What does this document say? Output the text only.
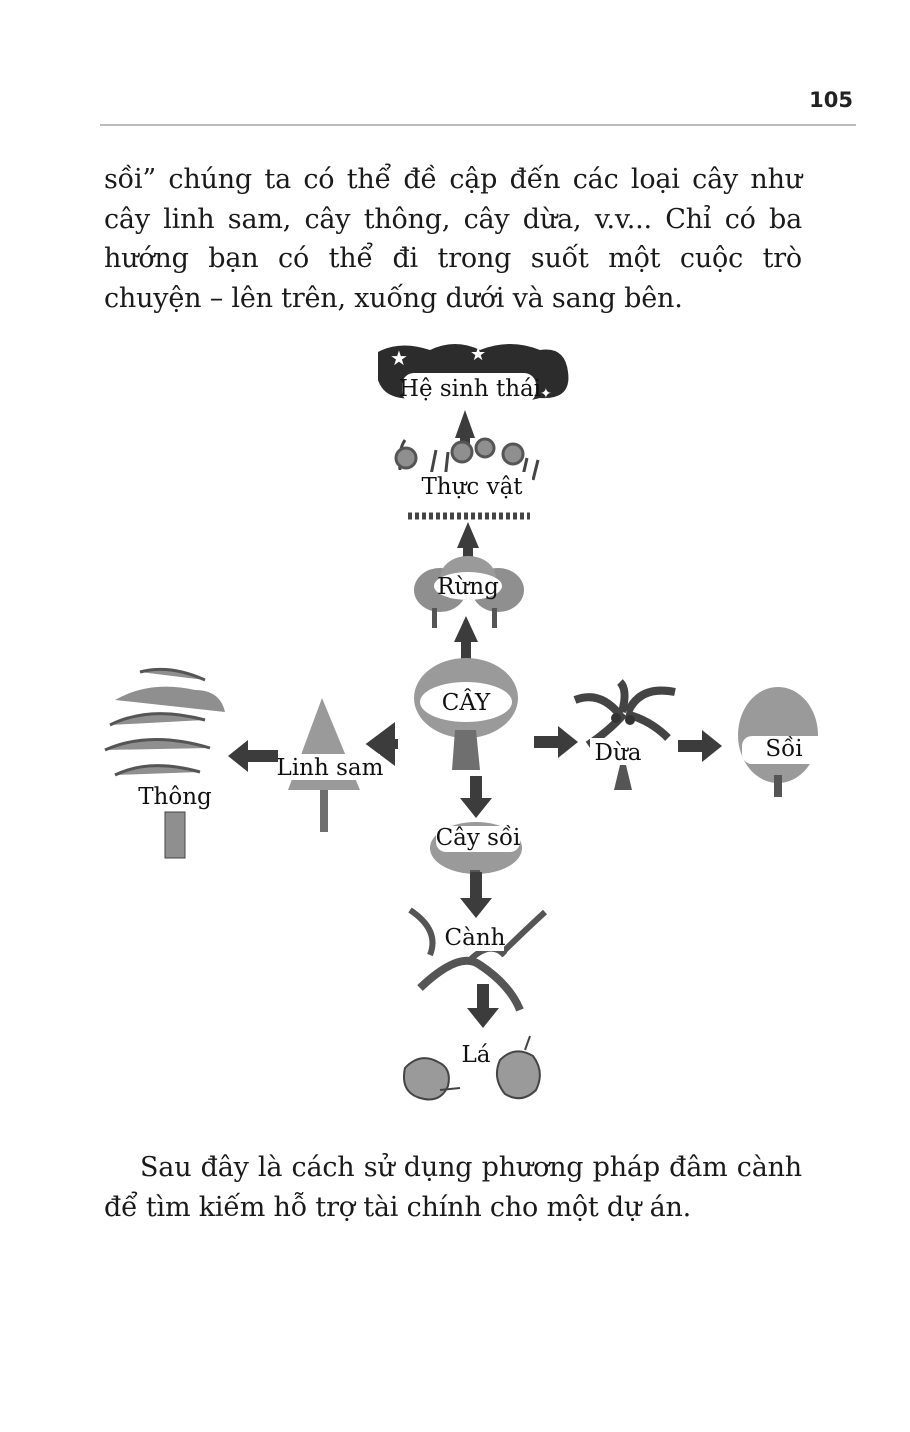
105
sồi” chúng ta có thể đề cập đến các loại cây như cây linh sam, cây thông, cây dừa, v.v... Chỉ có ba hướng bạn có thể đi trong suốt một cuộc trò chuyện – lên trên, xuống dưới và sang bên.
★	★
✦
Hệ sinh thái
Thực vật
Rừng
CÂY
Linh sam
Thông
Dừa	Sồi
Cây sồi
Cành
Lá
Sau đây là cách sử dụng phương pháp đâm cành để tìm kiếm hỗ trợ tài chính cho một dự án.
